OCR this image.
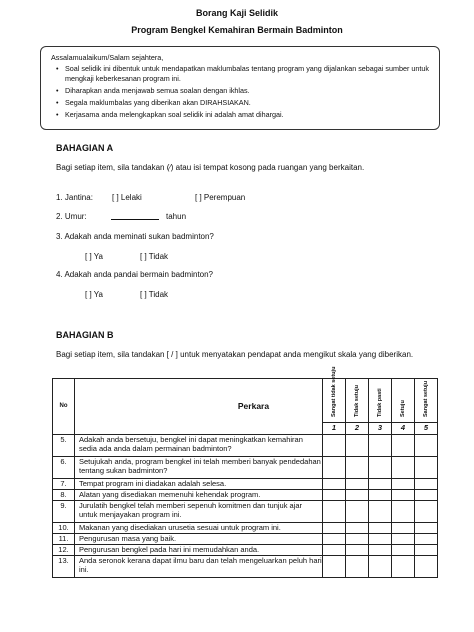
Borang Kaji Selidik
Program Bengkel Kemahiran Bermain Badminton
Assalamualaikum/Salam sejahtera,
• Soal selidik ini dibentuk untuk mendapatkan maklumbalas tentang program yang dijalankan sebagai sumber untuk mengkaji keberkesanan program ini.
• Diharapkan anda menjawab semua soalan dengan ikhlas.
• Segala maklumbalas yang diberikan akan DIRAHSIAKAN.
• Kerjasama anda melengkapkan soal selidik ini adalah amat dihargai.
BAHAGIAN A
Bagi setiap item, sila tandakan (∕) atau isi tempat kosong pada ruangan yang berkaitan.
1. Jantina: [ ] Lelaki	[ ] Perempuan
2. Umur:	tahun
3. Adakah anda meminati sukan badminton?
[ ] Ya	[ ] Tidak
4. Adakah anda pandai bermain badminton?
[ ] Ya	[ ] Tidak
BAHAGIAN B
Bagi setiap item, sila tandakan [ / ] untuk menyatakan pendapat anda mengikut skala yang diberikan.
No	Perkara	Sangat tidak setuju	Tidak setuju	Tidak pasti	Setuju	Sangat setuju

		1	2	3	4	5
5.	Adakah anda bersetuju, bengkel ini dapat meningkatkan kemahiran sedia ada anda dalam permainan badminton?					
6.	Setujukah anda, program bengkel ini telah memberi banyak pendedahan tentang sukan badminton?					
7.	Tempat program ini diadakan adalah selesa.					
8.	Alatan yang disediakan memenuhi kehendak program.					
9.	Jurulatih bengkel telah memberi sepenuh komitmen dan tunjuk ajar untuk menjayakan program ini.					
10.	Makanan yang disediakan urusetia sesuai untuk program ini.					
11.	Pengurusan masa yang baik.					
12.	Pengurusan bengkel pada hari ini memudahkan anda.					
13.	Anda seronok kerana dapat ilmu baru dan telah mengeluarkan peluh hari ini.					
